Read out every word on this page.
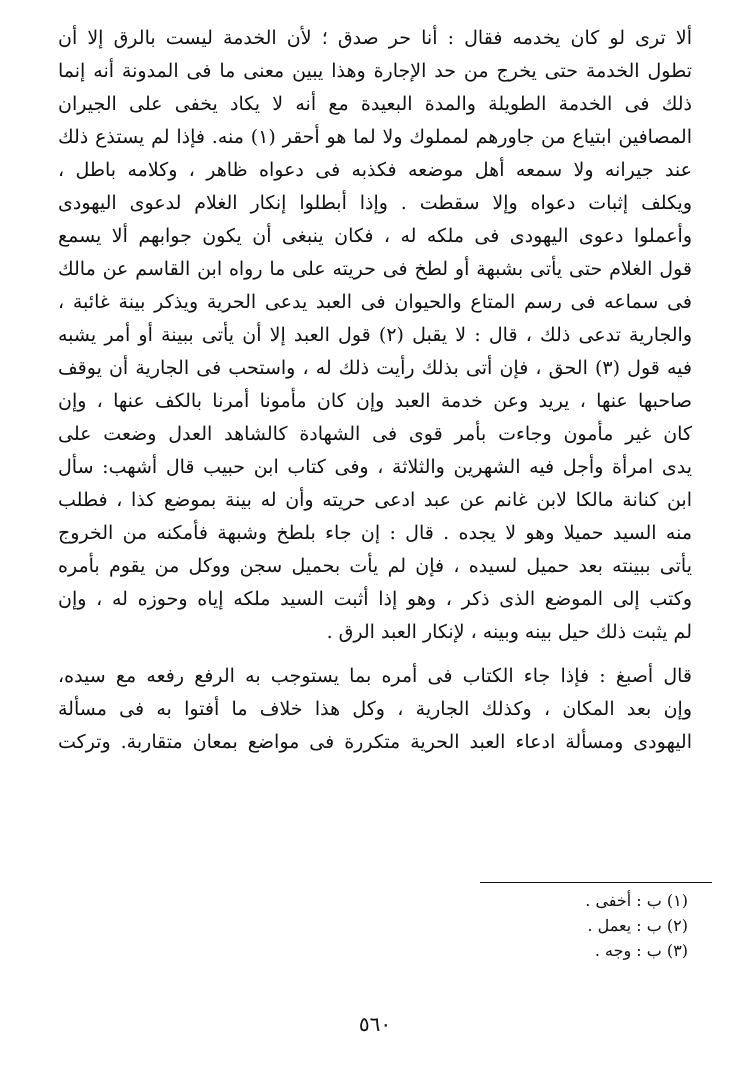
ألا ترى لو كان يخدمه فقال : أنا حر صدق ؛ لأن الخدمة ليست بالرق إلا أن
تطول الخدمة حتى يخرج من حد الإجارة وهذا يبين معنى ما فى المدونة أنه إنما
ذلك فى الخدمة الطويلة والمدة البعيدة مع أنه لا يكاد يخفى على الجيران
المصافين ابتياع من جاورهم لمملوك ولا لما هو أحقر (١) منه. فإذا لم يستذع ذلك
عند جيرانه ولا سمعه أهل موضعه فكذبه فى دعواه ظاهر ، وكلامه باطل ،
ويكلف إثبات دعواه وإلا سقطت . وإذا أبطلوا إنكار الغلام لدعوى اليهودى
وأعملوا دعوى اليهودى فى ملكه له ، فكان ينبغى أن يكون جوابهم ألا يسمع
قول الغلام حتى يأتى بشبهة أو لطخ فى حريته على ما رواه ابن القاسم عن مالك
فى سماعه فى رسم المتاع والحيوان فى العبد يدعى الحرية ويذكر بينة غائبة ،
والجارية تدعى ذلك ، قال : لا يقبل (٢) قول العبد إلا أن يأتى ببينة أو أمر يشبه
فيه قول (٣) الحق ، فإن أتى بذلك رأيت ذلك له ، واستحب فى الجارية أن يوقف
صاحبها عنها ، يريد وعن خدمة العبد وإن كان مأمونا أمرنا بالكف عنها ، وإن
كان غير مأمون وجاءت بأمر قوى فى الشهادة كالشاهد العدل وضعت على
يدى امرأة وأجل فيه الشهرين والثلاثة ، وفى كتاب ابن حبيب قال أشهب: سأل
ابن كنانة مالكا لابن غانم عن عبد ادعى حريته وأن له بينة بموضع كذا ، فطلب
منه السيد حميلا وهو لا يجده . قال : إن جاء بلطخ وشبهة فأمكنه من الخروج
يأتى ببينته بعد حميل لسيده ، فإن لم يأت بحميل سجن ووكل من يقوم بأمره
وكتب إلى الموضع الذى ذكر ، وهو إذا أثبت السيد ملكه إياه وحوزه له ، وإن
لم يثبت ذلك حيل بينه وبينه ، لإنكار العبد الرق .

قال أصبغ : فإذا جاء الكتاب فى أمره بما يستوجب به الرفع رفعه مع سيده،
وإن بعد المكان ، وكذلك الجارية ، وكل هذا خلاف ما أفتوا به فى مسألة
اليهودى ومسألة ادعاء العبد الحرية متكررة فى مواضع بمعان متقاربة. وتركت

(١) ب : أخفى .
(٢) ب : يعمل .
(٣) ب : وجه .
٥٦٠
